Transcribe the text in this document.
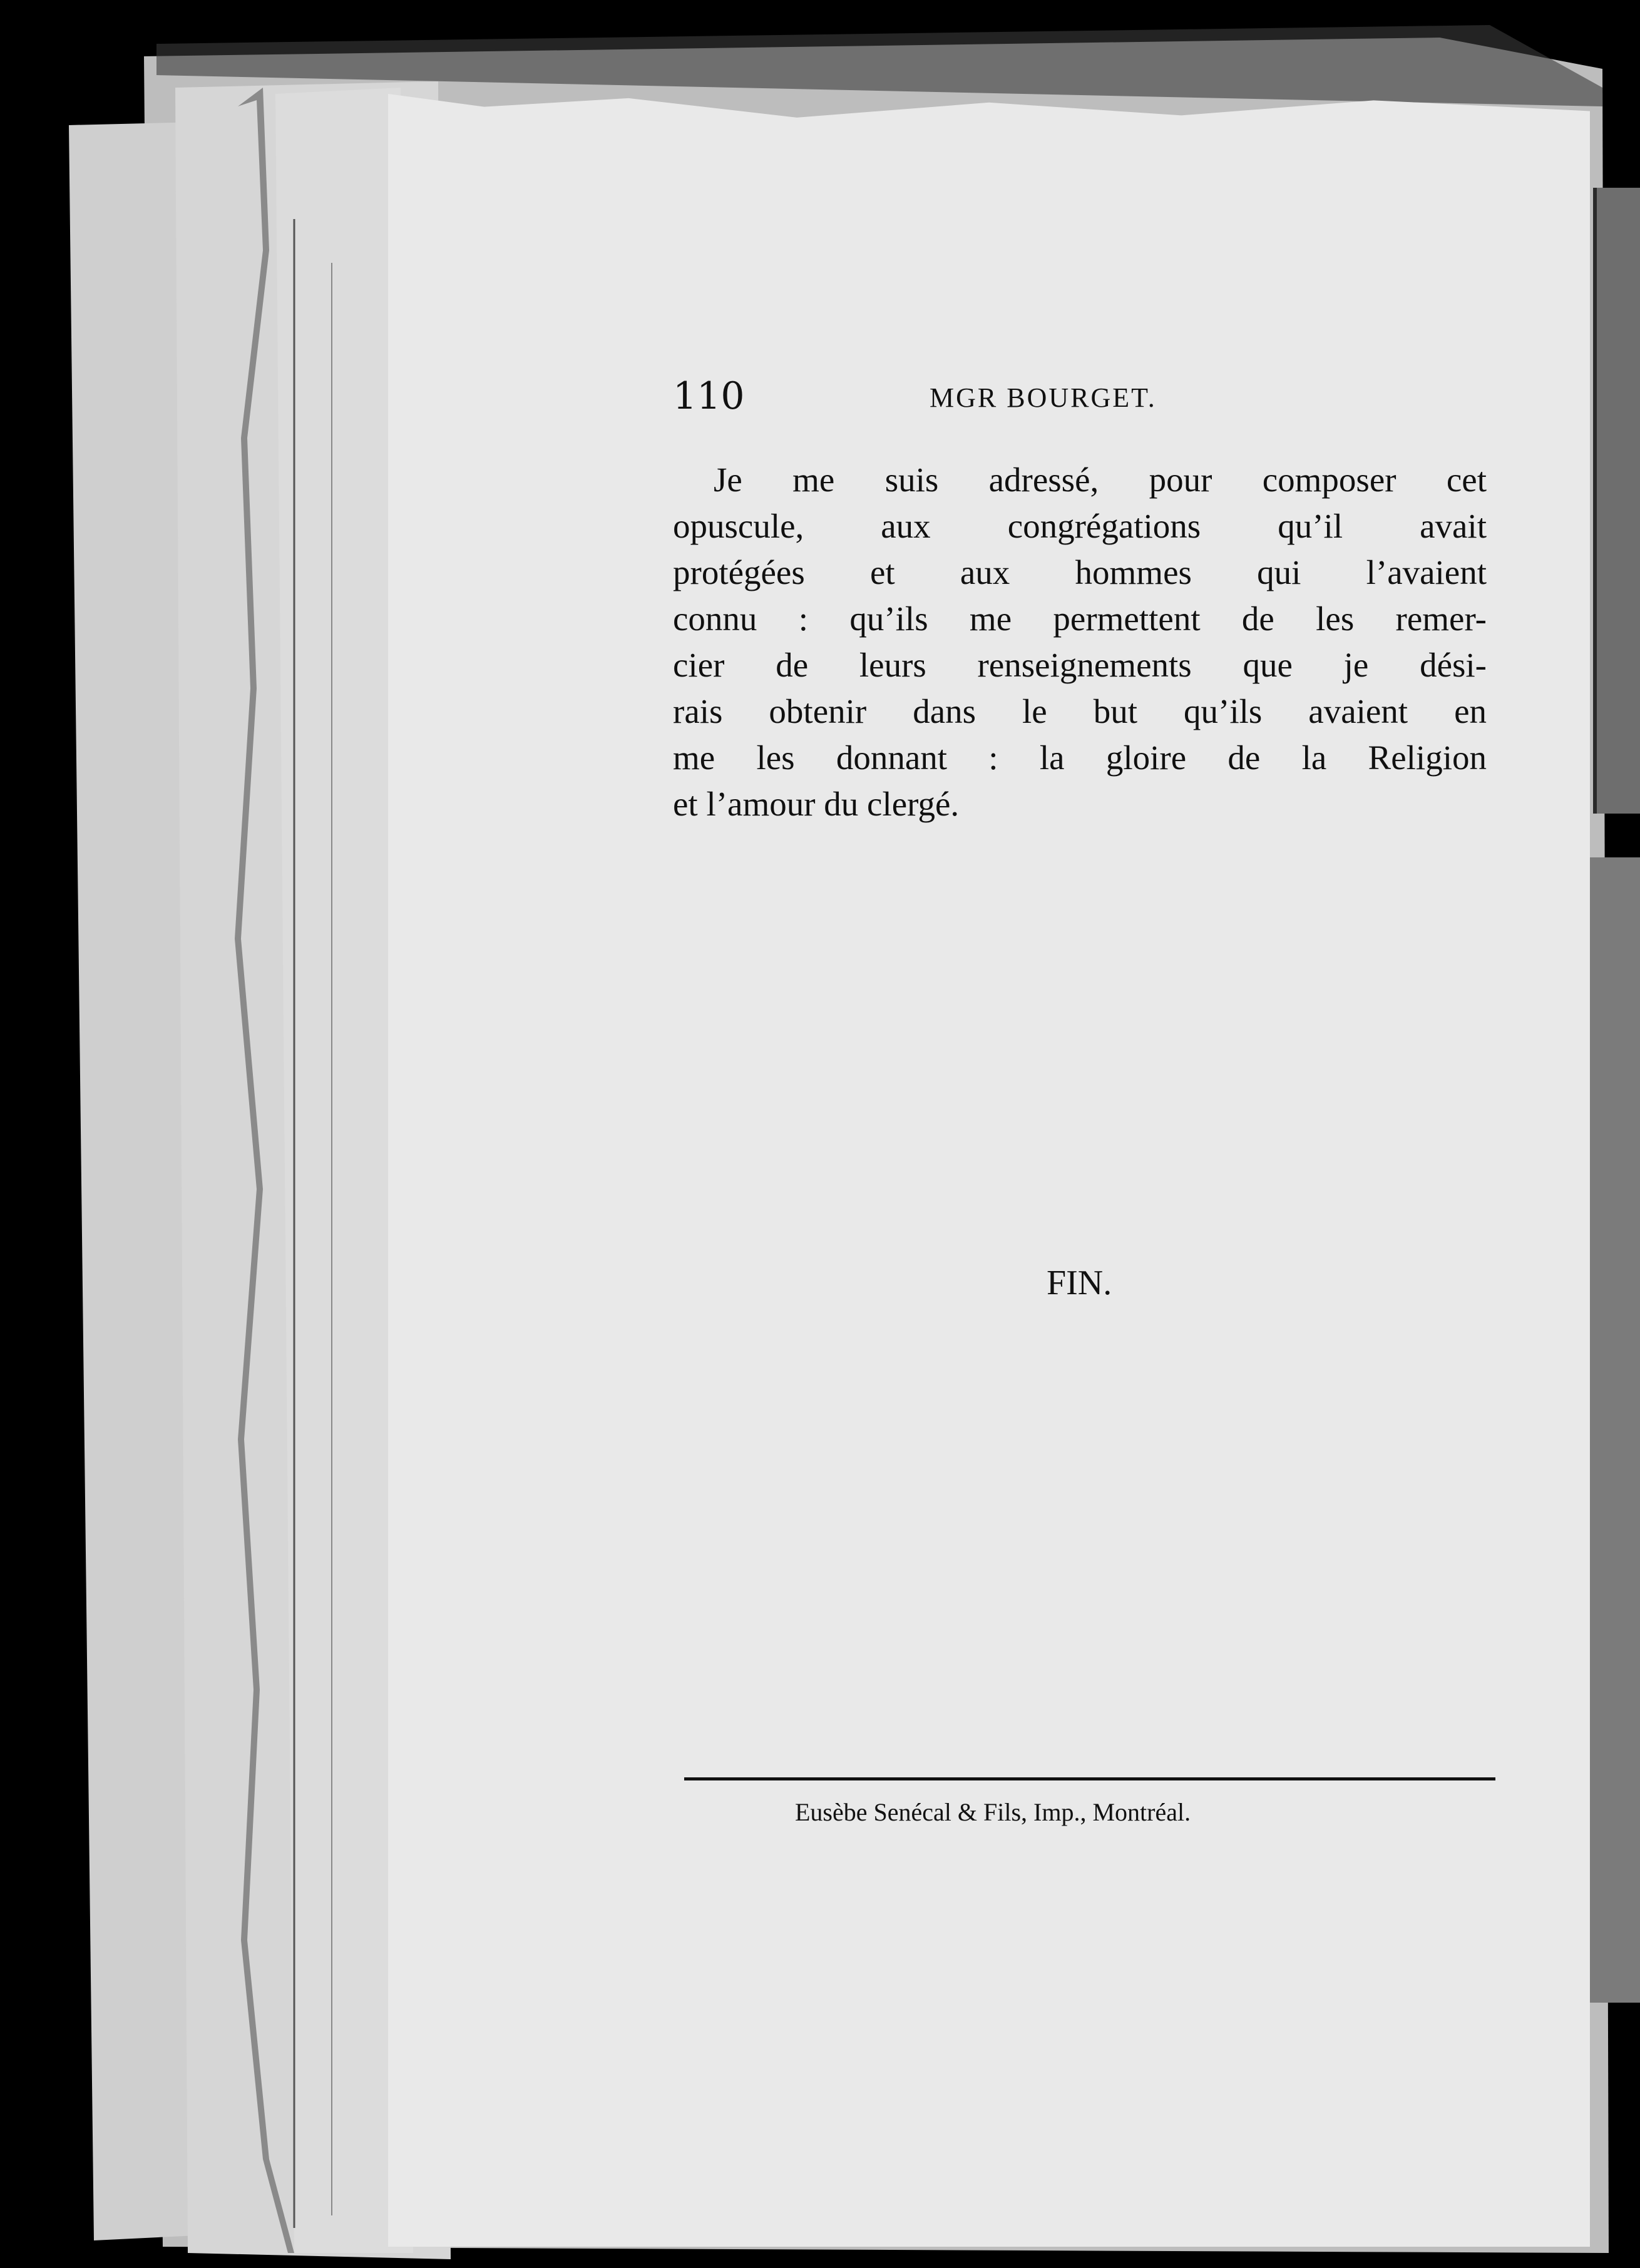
110	MGR BOURGET.
Je me suis adressé, pour composer cet
opuscule, aux congrégations qu’il avait
protégées et aux hommes qui l’avaient
connu : qu’ils me permettent de les remer-
cier de leurs renseignements que je dési-
rais obtenir dans le but qu’ils avaient en
me les donnant : la gloire de la Religion
et l’amour du clergé.
FIN.
Eusèbe Senécal & Fils, Imp., Montréal.
